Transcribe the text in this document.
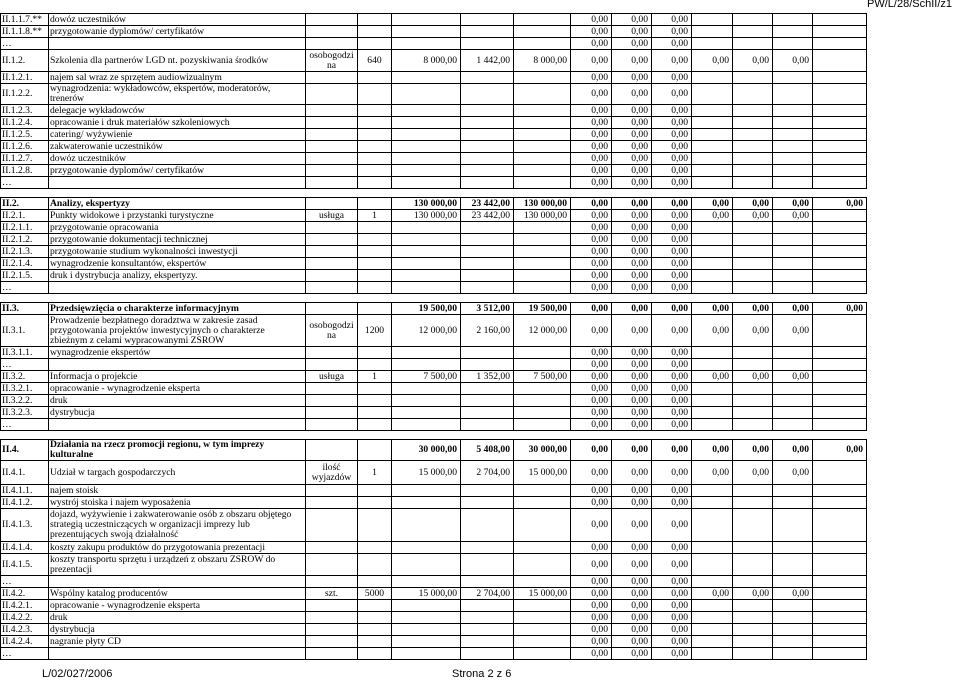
PW/L/28/SchII/z1
II.1.1.7.**	dowóz uczestników						0,00	0,00	0,00				
II.1.1.8.**	przygotowanie dyplomów/ certyfikatów						0,00	0,00	0,00				
…							0,00	0,00	0,00				
II.1.2.	Szkolenia dla partnerów LGD nt. pozyskiwania środków	osobogodzi na	640	8 000,00	1 442,00	8 000,00	0,00	0,00	0,00	0,00	0,00	0,00	
II.1.2.1.	najem sal wraz ze sprzętem audiowizualnym						0,00	0,00	0,00				
II.1.2.2.	wynagrodzenia: wykładowców, ekspertów, moderatorów, trenerów						0,00	0,00	0,00				
II.1.2.3.	delegacje wykładowców						0,00	0,00	0,00				
II.1.2.4.	opracowanie i druk materiałów szkoleniowych						0,00	0,00	0,00				
II.1.2.5.	catering/ wyżywienie						0,00	0,00	0,00				
II.1.2.6.	zakwaterowanie uczestników						0,00	0,00	0,00				
II.1.2.7.	dowóz uczestników						0,00	0,00	0,00				
II.1.2.8.	przygotowanie dyplomów/ certyfikatów						0,00	0,00	0,00				
…							0,00	0,00	0,00				

II.2.	Analizy, ekspertyzy			130 000,00	23 442,00	130 000,00	0,00	0,00	0,00	0,00	0,00	0,00	0,00
II.2.1.	Punkty widokowe i przystanki turystyczne	usługa	1	130 000,00	23 442,00	130 000,00	0,00	0,00	0,00	0,00	0,00	0,00	
II.2.1.1.	przygotowanie opracowania						0,00	0,00	0,00				
II.2.1.2.	przygotowanie dokumentacji technicznej						0,00	0,00	0,00				
II.2.1.3.	przygotowanie studium wykonalności inwestycji						0,00	0,00	0,00				
II.2.1.4.	wynagrodzenie konsultantów, ekspertów						0,00	0,00	0,00				
II.2.1.5.	druk i dystrybucja analizy, ekspertyzy.						0,00	0,00	0,00				
…							0,00	0,00	0,00				

II.3.	Przedsięwzięcia o charakterze informacyjnym			19 500,00	3 512,00	19 500,00	0,00	0,00	0,00	0,00	0,00	0,00	0,00
II.3.1.	Prowadzenie bezpłatnego doradztwa w zakresie zasad przygotowania projektów inwestycyjnych o charakterze zbieżnym z celami wypracowanymi ZSROW	osobogodzi na	1200	12 000,00	2 160,00	12 000,00	0,00	0,00	0,00	0,00	0,00	0,00	
II.3.1.1.	wynagrodzenie ekspertów						0,00	0,00	0,00				
…							0,00	0,00	0,00				
II.3.2.	Informacja o projekcie	usługa	1	7 500,00	1 352,00	7 500,00	0,00	0,00	0,00	0,00	0,00	0,00	
II.3.2.1.	opracowanie - wynagrodzenie eksperta						0,00	0,00	0,00				
II.3.2.2.	druk						0,00	0,00	0,00				
II.3.2.3.	dystrybucja						0,00	0,00	0,00				
…							0,00	0,00	0,00				

II.4.	Działania na rzecz promocji regionu, w tym imprezy kulturalne			30 000,00	5 408,00	30 000,00	0,00	0,00	0,00	0,00	0,00	0,00	0,00
II.4.1.	Udział w targach gospodarczych	ilość wyjazdów	1	15 000,00	2 704,00	15 000,00	0,00	0,00	0,00	0,00	0,00	0,00	
II.4.1.1.	najem stoisk						0,00	0,00	0,00				
II.4.1.2.	wystrój stoiska i najem wyposażenia						0,00	0,00	0,00				
II.4.1.3.	dojazd, wyżywienie i zakwaterowanie osób z obszaru objętego strategią uczestniczących w organizacji imprezy lub prezentujących swoją działalność						0,00	0,00	0,00				
II.4.1.4.	koszty zakupu produktów do przygotowania prezentacji						0,00	0,00	0,00				
II.4.1.5.	koszty transportu sprzętu i urządzeń z obszaru ZSROW do prezentacji						0,00	0,00	0,00				
…							0,00	0,00	0,00				
II.4.2.	Wspólny katalog producentów	szt.	5000	15 000,00	2 704,00	15 000,00	0,00	0,00	0,00	0,00	0,00	0,00	
II.4.2.1.	opracowanie - wynagrodzenie eksperta						0,00	0,00	0,00				
II.4.2.2.	druk						0,00	0,00	0,00				
II.4.2.3.	dystrybucja						0,00	0,00	0,00				
II.4.2.4.	nagranie płyty CD						0,00	0,00	0,00				
…							0,00	0,00	0,00				
L/02/027/2006	Strona 2 z 6
